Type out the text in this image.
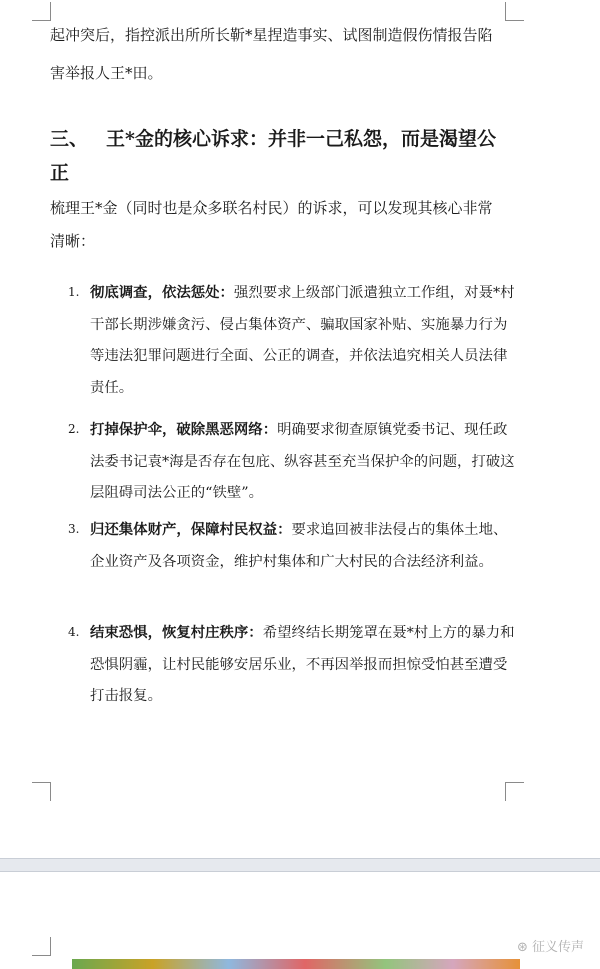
起冲突后，指控派出所所长靳*星捏造事实、试图制造假伤情报告陷

害举报人王*田。

三、 王*金的核心诉求：并非一己私怨，而是渴望公
正

梳理王*金（同时也是众多联名村民）的诉求，可以发现其核心非常

清晰：

1. 彻底调查，依法惩处：强烈要求上级部门派遣独立工作组，对聂*村干部长期涉嫌贪污、侵占集体资产、骗取国家补贴、实施暴力行为等违法犯罪问题进行全面、公正的调查，并依法追究相关人员法律责任。
2. 打掉保护伞，破除黑恶网络：明确要求彻查原镇党委书记、现任政法委书记袁*海是否存在包庇、纵容甚至充当保护伞的问题，打破这层阻碍司法公正的“铁壁”。
3. 归还集体财产，保障村民权益：要求追回被非法侵占的集体土地、企业资产及各项资金，维护村集体和广大村民的合法经济利益。
4. 结束恐惧，恢复村庄秩序：希望终结长期笼罩在聂*村上方的暴力和恐惧阴霾，让村民能够安居乐业，不再因举报而担惊受怕甚至遭受打击报复。
⊛ 征义传声
